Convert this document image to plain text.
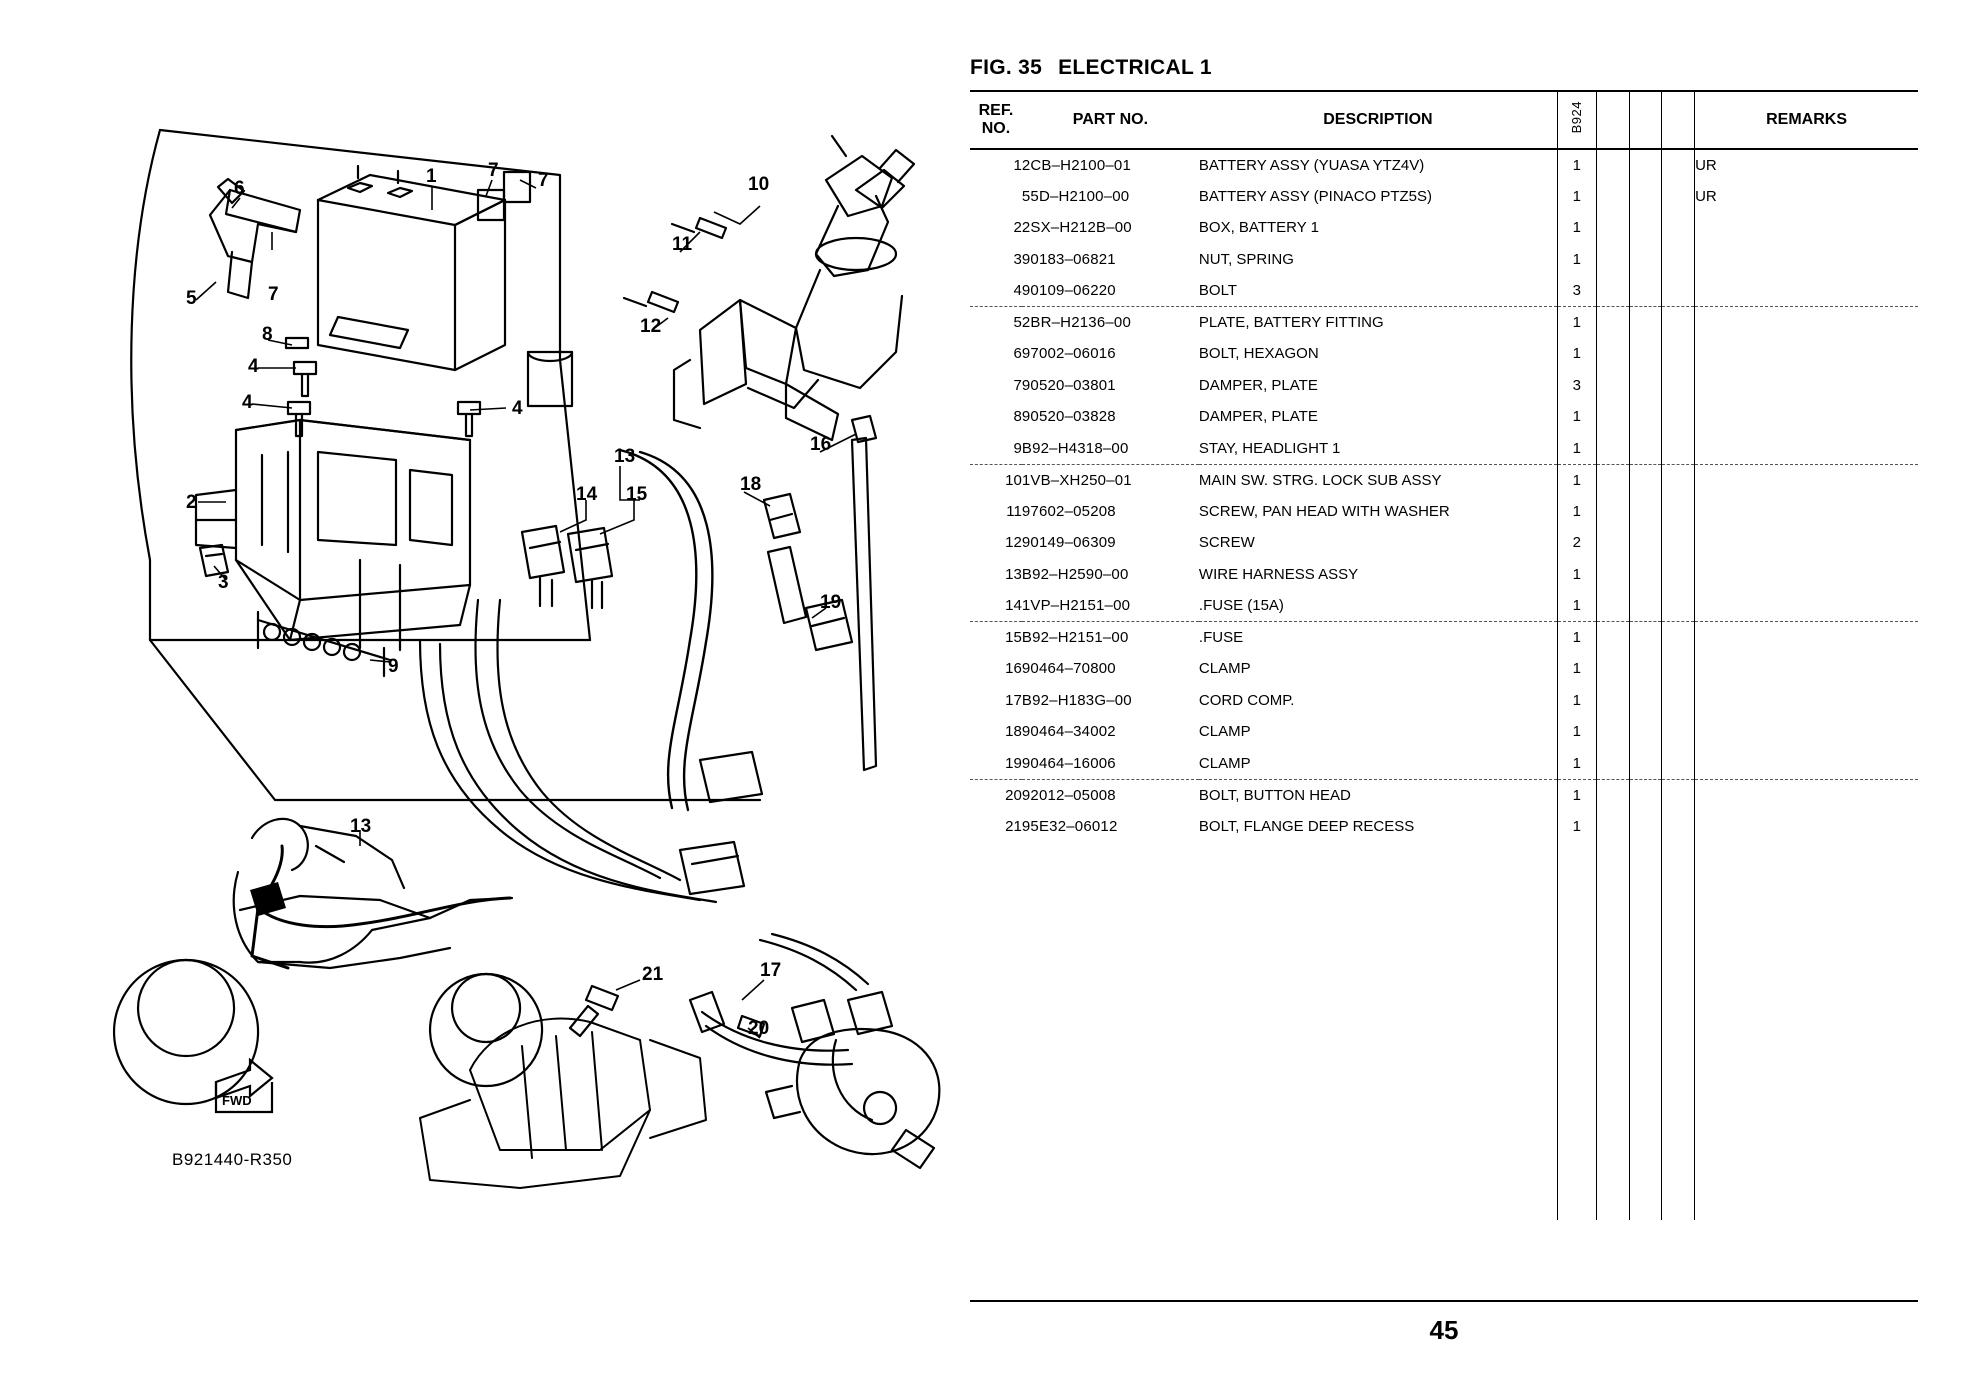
1	7 7
6
7
5
8
4
4	4
2
3
9
13
14 15	18
19
16
10
11
12
13
21
20
17
FWD
B921440-R350
FIG. 35 ELECTRICAL 1
REF.
NO.	PART NO.	DESCRIPTION	B924				REMARKS
1	2CB–H2100–01	BATTERY ASSY (YUASA YTZ4V)	1				UR
	55D–H2100–00	BATTERY ASSY (PINACO PTZ5S)	1				UR
2	2SX–H212B–00	BOX, BATTERY 1	1				
3	90183–06821	NUT, SPRING	1				
4	90109–06220	BOLT	3				
5	2BR–H2136–00	PLATE, BATTERY FITTING	1				
6	97002–06016	BOLT, HEXAGON	1				
7	90520–03801	DAMPER, PLATE	3				
8	90520–03828	DAMPER, PLATE	1				
9	B92–H4318–00	STAY, HEADLIGHT 1	1				
10	1VB–XH250–01	MAIN SW. STRG. LOCK SUB ASSY	1				
11	97602–05208	SCREW, PAN HEAD WITH WASHER	1				
12	90149–06309	SCREW	2				
13	B92–H2590–00	WIRE HARNESS ASSY	1				
14	1VP–H2151–00	.FUSE (15A)	1				
15	B92–H2151–00	.FUSE	1				
16	90464–70800	CLAMP	1				
17	B92–H183G–00	CORD COMP.	1				
18	90464–34002	CLAMP	1				
19	90464–16006	CLAMP	1				
20	92012–05008	BOLT, BUTTON HEAD	1				
21	95E32–06012	BOLT, FLANGE DEEP RECESS	1				

45
